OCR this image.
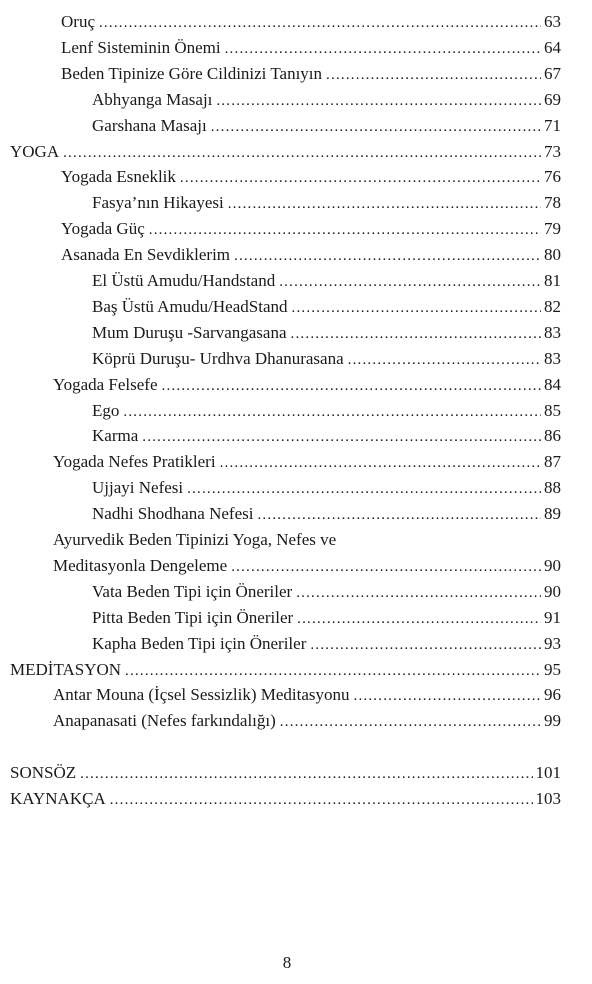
Oruç .....	63
Lenf Sisteminin Önemi .....	64
Beden Tipinize Göre Cildinizi Tanıyın .....	67
Abhyanga Masajı .....	69
Garshana Masajı .....	71
YOGA .....	73
Yogada Esneklik .....	76
Fasya’nın Hikayesi .....	78
Yogada Güç .....	79
Asanada En Sevdiklerim .....	80
El Üstü Amudu/Handstand .....	81
Baş Üstü Amudu/HeadStand .....	82
Mum Duruşu -Sarvangasana .....	83
Köprü Duruşu- Urdhva Dhanurasana .....	83
Yogada Felsefe .....	84
Ego .....	85
Karma .....	86
Yogada Nefes Pratikleri .....	87
Ujjayi Nefesi .....	88
Nadhi Shodhana Nefesi .....	89
Ayurvedik Beden Tipinizi Yoga, Nefes ve
Meditasyonla Dengeleme .....	90
Vata Beden Tipi için Öneriler .....	90
Pitta Beden Tipi için Öneriler .....	91
Kapha Beden Tipi için Öneriler .....	93
MEDİTASYON .....	95
Antar Mouna (İçsel Sessizlik) Meditasyonu .....	96
Anapanasati (Nefes farkındalığı) .....	99
SONSÖZ .....	101
KAYNAKÇA .....	103
8
